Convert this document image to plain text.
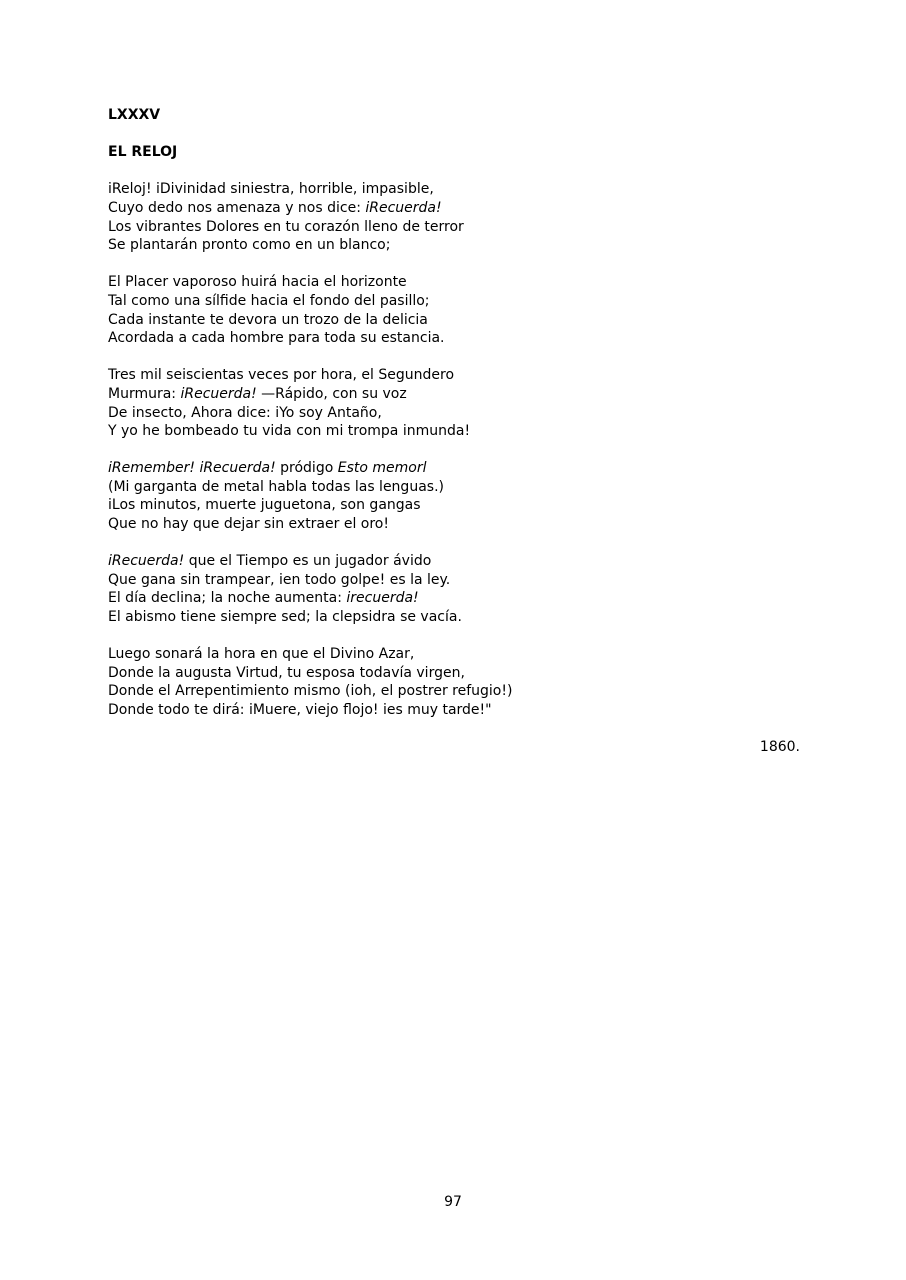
LXXXV
EL RELOJ
iReloj! iDivinidad siniestra, horrible, impasible,
Cuyo dedo nos amenaza y nos dice: iRecuerda!
Los vibrantes Dolores en tu corazón lleno de terror
Se plantarán pronto como en un blanco;
El Placer vaporoso huirá hacia el horizonte
Tal como una sílfide hacia el fondo del pasillo;
Cada instante te devora un trozo de la delicia
Acordada a cada hombre para toda su estancia.
Tres mil seiscientas veces por hora, el Segundero
Murmura: iRecuerda! —Rápido, con su voz
De insecto, Ahora dice: iYo soy Antaño,
Y yo he bombeado tu vida con mi trompa inmunda!
iRemember! iRecuerda! pródigo Esto memorl
(Mi garganta de metal habla todas las lenguas.)
iLos minutos, muerte juguetona, son gangas
Que no hay que dejar sin extraer el oro!
iRecuerda! que el Tiempo es un jugador ávido
Que gana sin trampear, ien todo golpe! es la ley.
El día declina; la noche aumenta: irecuerda!
El abismo tiene siempre sed; la clepsidra se vacía.
Luego sonará la hora en que el Divino Azar,
Donde la augusta Virtud, tu esposa todavía virgen,
Donde el Arrepentimiento mismo (ioh, el postrer refugio!)
Donde todo te dirá: iMuere, viejo flojo! ies muy tarde!"
1860.
97
